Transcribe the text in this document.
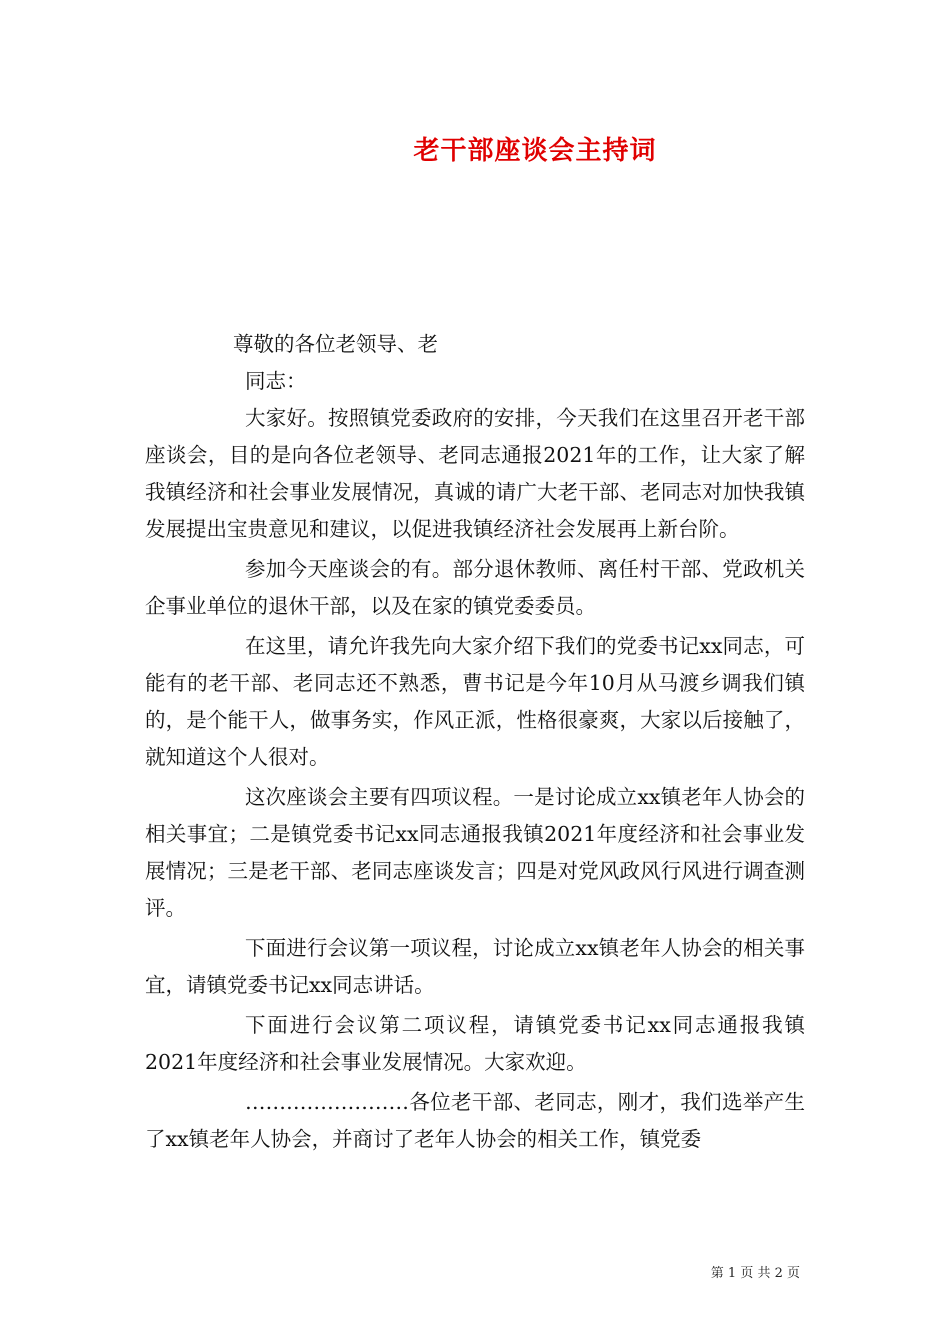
老干部座谈会主持词

尊敬的各位老领导、老

同志：

大家好。按照镇党委政府的安排，今天我们在这里召开老干部座谈会，目的是向各位老领导、老同志通报2021年的工作，让大家了解我镇经济和社会事业发展情况，真诚的请广大老干部、老同志对加快我镇发展提出宝贵意见和建议，以促进我镇经济社会发展再上新台阶。

参加今天座谈会的有。部分退休教师、离任村干部、党政机关企事业单位的退休干部，以及在家的镇党委委员。

在这里，请允许我先向大家介绍下我们的党委书记xx同志，可能有的老干部、老同志还不熟悉，曹书记是今年10月从马渡乡调我们镇的，是个能干人，做事务实，作风正派，性格很豪爽，大家以后接触了，就知道这个人很对。

这次座谈会主要有四项议程。一是讨论成立xx镇老年人协会的相关事宜；二是镇党委书记xx同志通报我镇2021年度经济和社会事业发展情况；三是老干部、老同志座谈发言；四是对党风政风行风进行调查测评。

下面进行会议第一项议程，讨论成立xx镇老年人协会的相关事宜，请镇党委书记xx同志讲话。

下面进行会议第二项议程，请镇党委书记xx同志通报我镇2021年度经济和社会事业发展情况。大家欢迎。

……………………各位老干部、老同志，刚才，我们选举产生了xx镇老年人协会，并商讨了老年人协会的相关工作，镇党委

第 1 页 共 2 页
